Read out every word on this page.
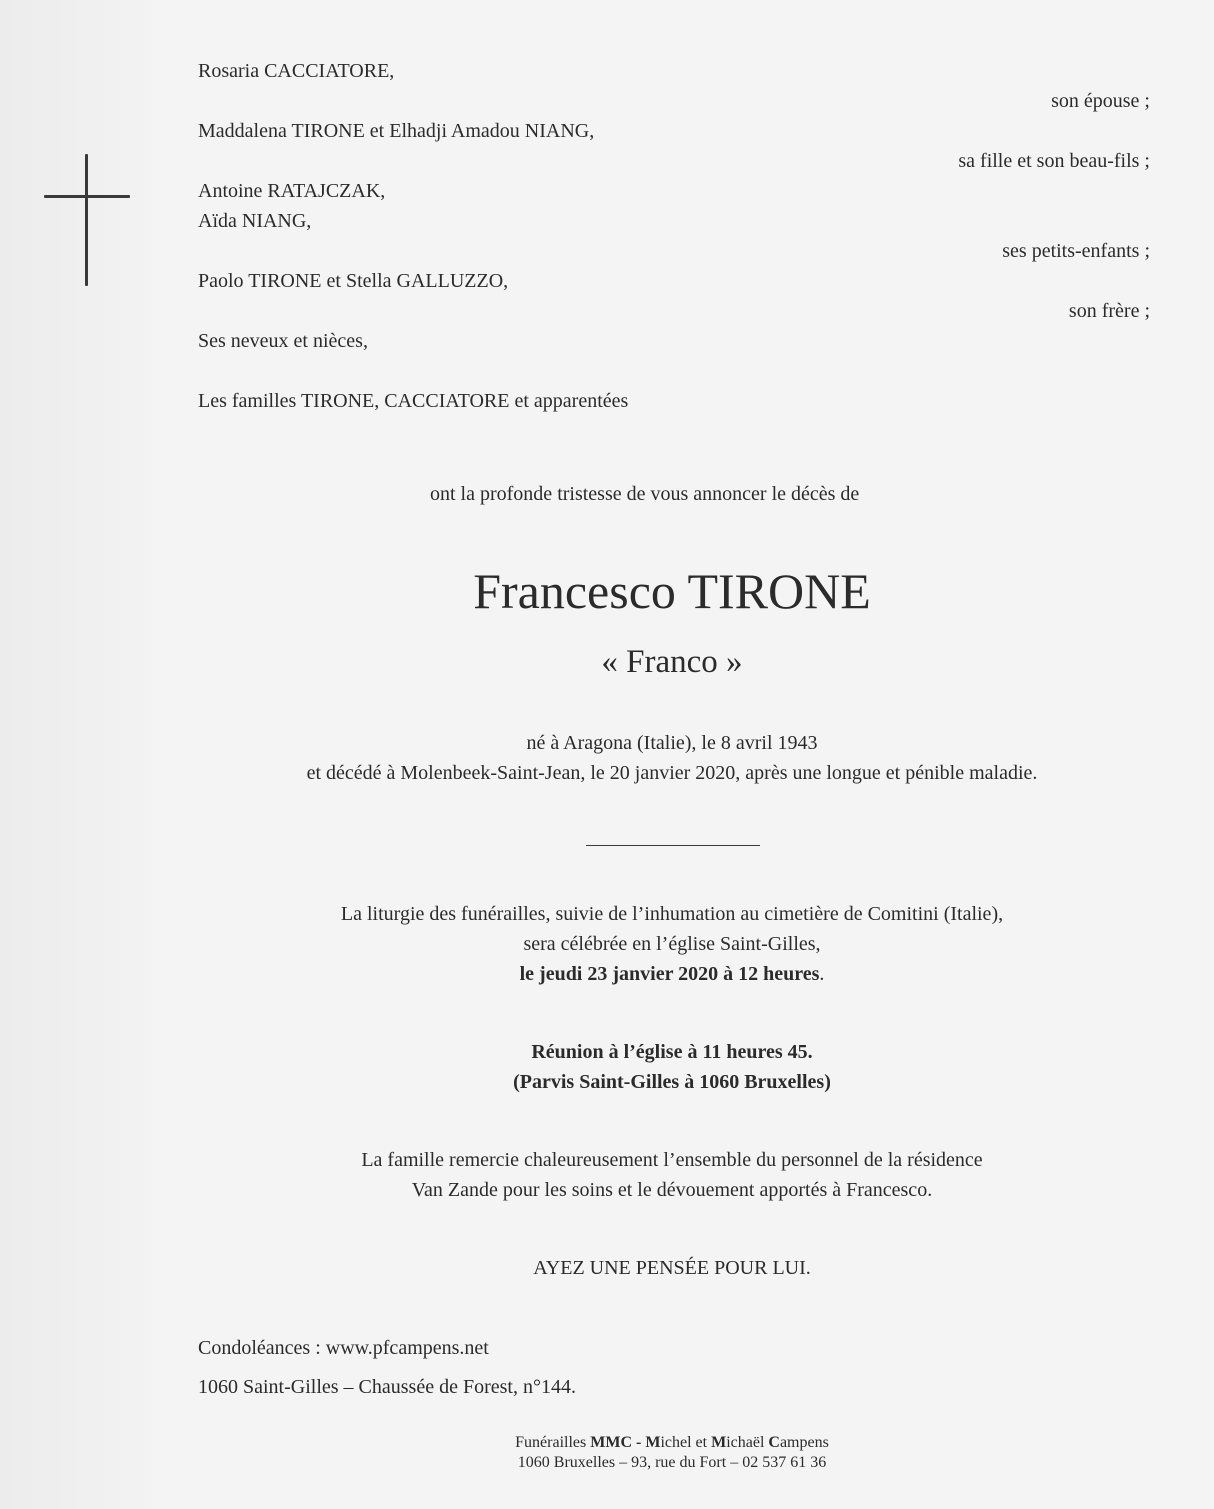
Rosaria CACCIATORE,
son épouse ;
Maddalena TIRONE et Elhadji Amadou NIANG,
sa fille et son beau-fils ;
Antoine RATAJCZAK,
Aïda NIANG,
ses petits-enfants ;
Paolo TIRONE et Stella GALLUZZO,
son frère ;
Ses neveux et nièces,
Les familles TIRONE, CACCIATORE et apparentées
ont la profonde tristesse de vous annoncer le décès de
Francesco TIRONE
« Franco »
né à Aragona (Italie), le 8 avril 1943
et décédé à Molenbeek-Saint-Jean, le 20 janvier 2020, après une longue et pénible maladie.
La liturgie des funérailles, suivie de l’inhumation au cimetière de Comitini (Italie),
sera célébrée en l’église Saint-Gilles,
le jeudi 23 janvier 2020 à 12 heures.
Réunion à l’église à 11 heures 45.
(Parvis Saint-Gilles à 1060 Bruxelles)
La famille remercie chaleureusement l’ensemble du personnel de la résidence
Van Zande pour les soins et le dévouement apportés à Francesco.
AYEZ UNE PENSÉE POUR LUI.
Condoléances : www.pfcampens.net
1060 Saint-Gilles – Chaussée de Forest, n°144.
Funérailles MMC - Michel et Michaël Campens
1060 Bruxelles – 93, rue du Fort – 02 537 61 36
